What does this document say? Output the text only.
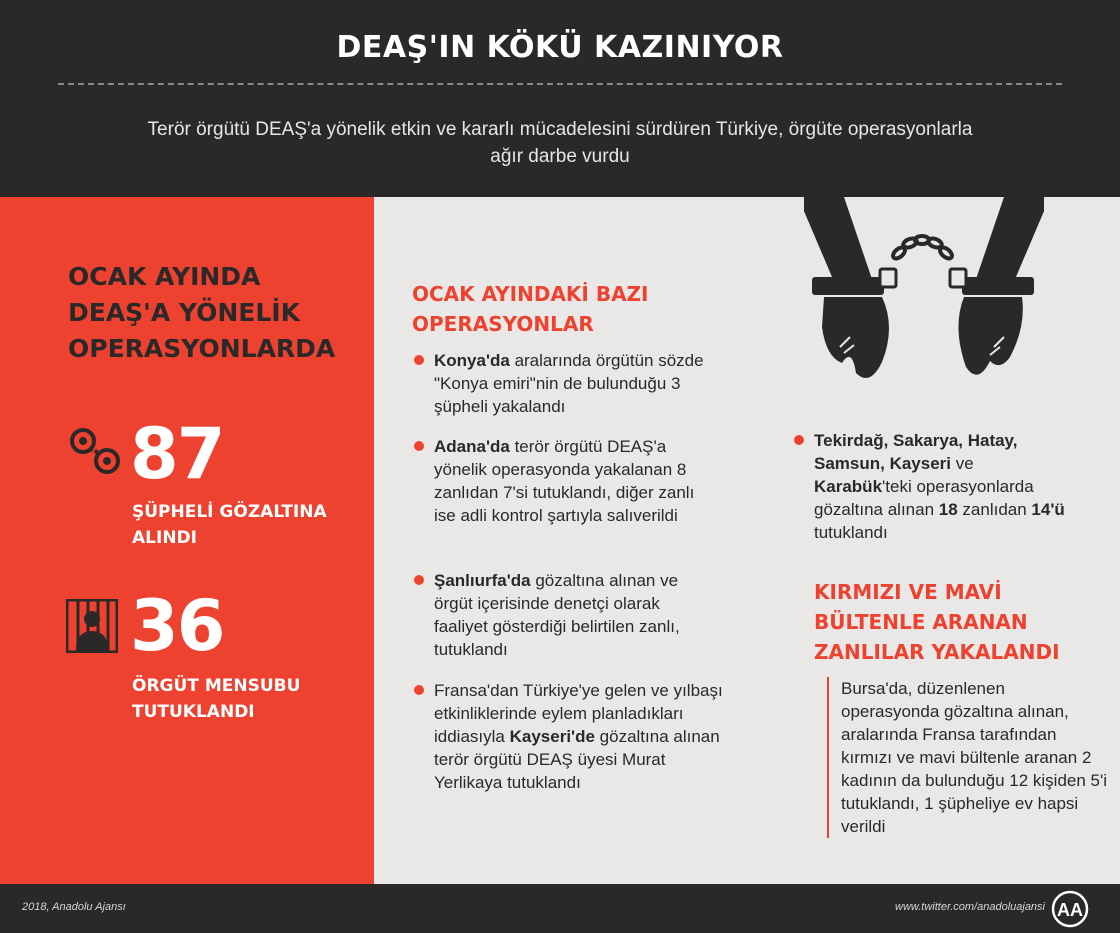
DEAŞ'IN KÖKÜ KAZINIYOR
Terör örgütü DEAŞ'a yönelik etkin ve kararlı mücadelesini sürdüren Türkiye, örgüte operasyonlarla ağır darbe vurdu
OCAK AYINDA DEAŞ'A YÖNELİK OPERASYONLARDA
87
ŞÜPHELİ GÖZALTINA ALINDI
36
ÖRGÜT MENSUBU TUTUKLANDI
OCAK AYINDAKİ BAZI OPERASYONLAR
Konya'da aralarında örgütün sözde "Konya emiri"nin de bulunduğu 3 şüpheli yakalandı
Adana'da terör örgütü DEAŞ'a yönelik operasyonda yakalanan 8 zanlıdan 7'si tutuklandı, diğer zanlı ise adli kontrol şartıyla salıverildi
Şanlıurfa'da gözaltına alınan ve örgüt içerisinde denetçi olarak faaliyet gösterdiği belirtilen zanlı, tutuklandı
Fransa'dan Türkiye'ye gelen ve yılbaşı etkinliklerinde eylem planladıkları iddiasıyla Kayseri'de gözaltına alınan terör örgütü DEAŞ üyesi Murat Yerlikaya tutuklandı
Tekirdağ, Sakarya, Hatay, Samsun, Kayseri ve Karabük'teki operasyonlarda gözaltına alınan 18 zanlıdan 14'ü tutuklandı
KIRMIZI VE MAVİ BÜLTENLE ARANAN ZANLILAR YAKALANDI
Bursa'da, düzenlenen operasyonda gözaltına alınan, aralarında Fransa tarafından kırmızı ve mavi bültenle aranan 2 kadının da bulunduğu 12 kişiden 5'i tutuklandı, 1 şüpheliye ev hapsi verildi
2018, Anadolu Ajansı	www.twitter.com/anadoluajansi AA
